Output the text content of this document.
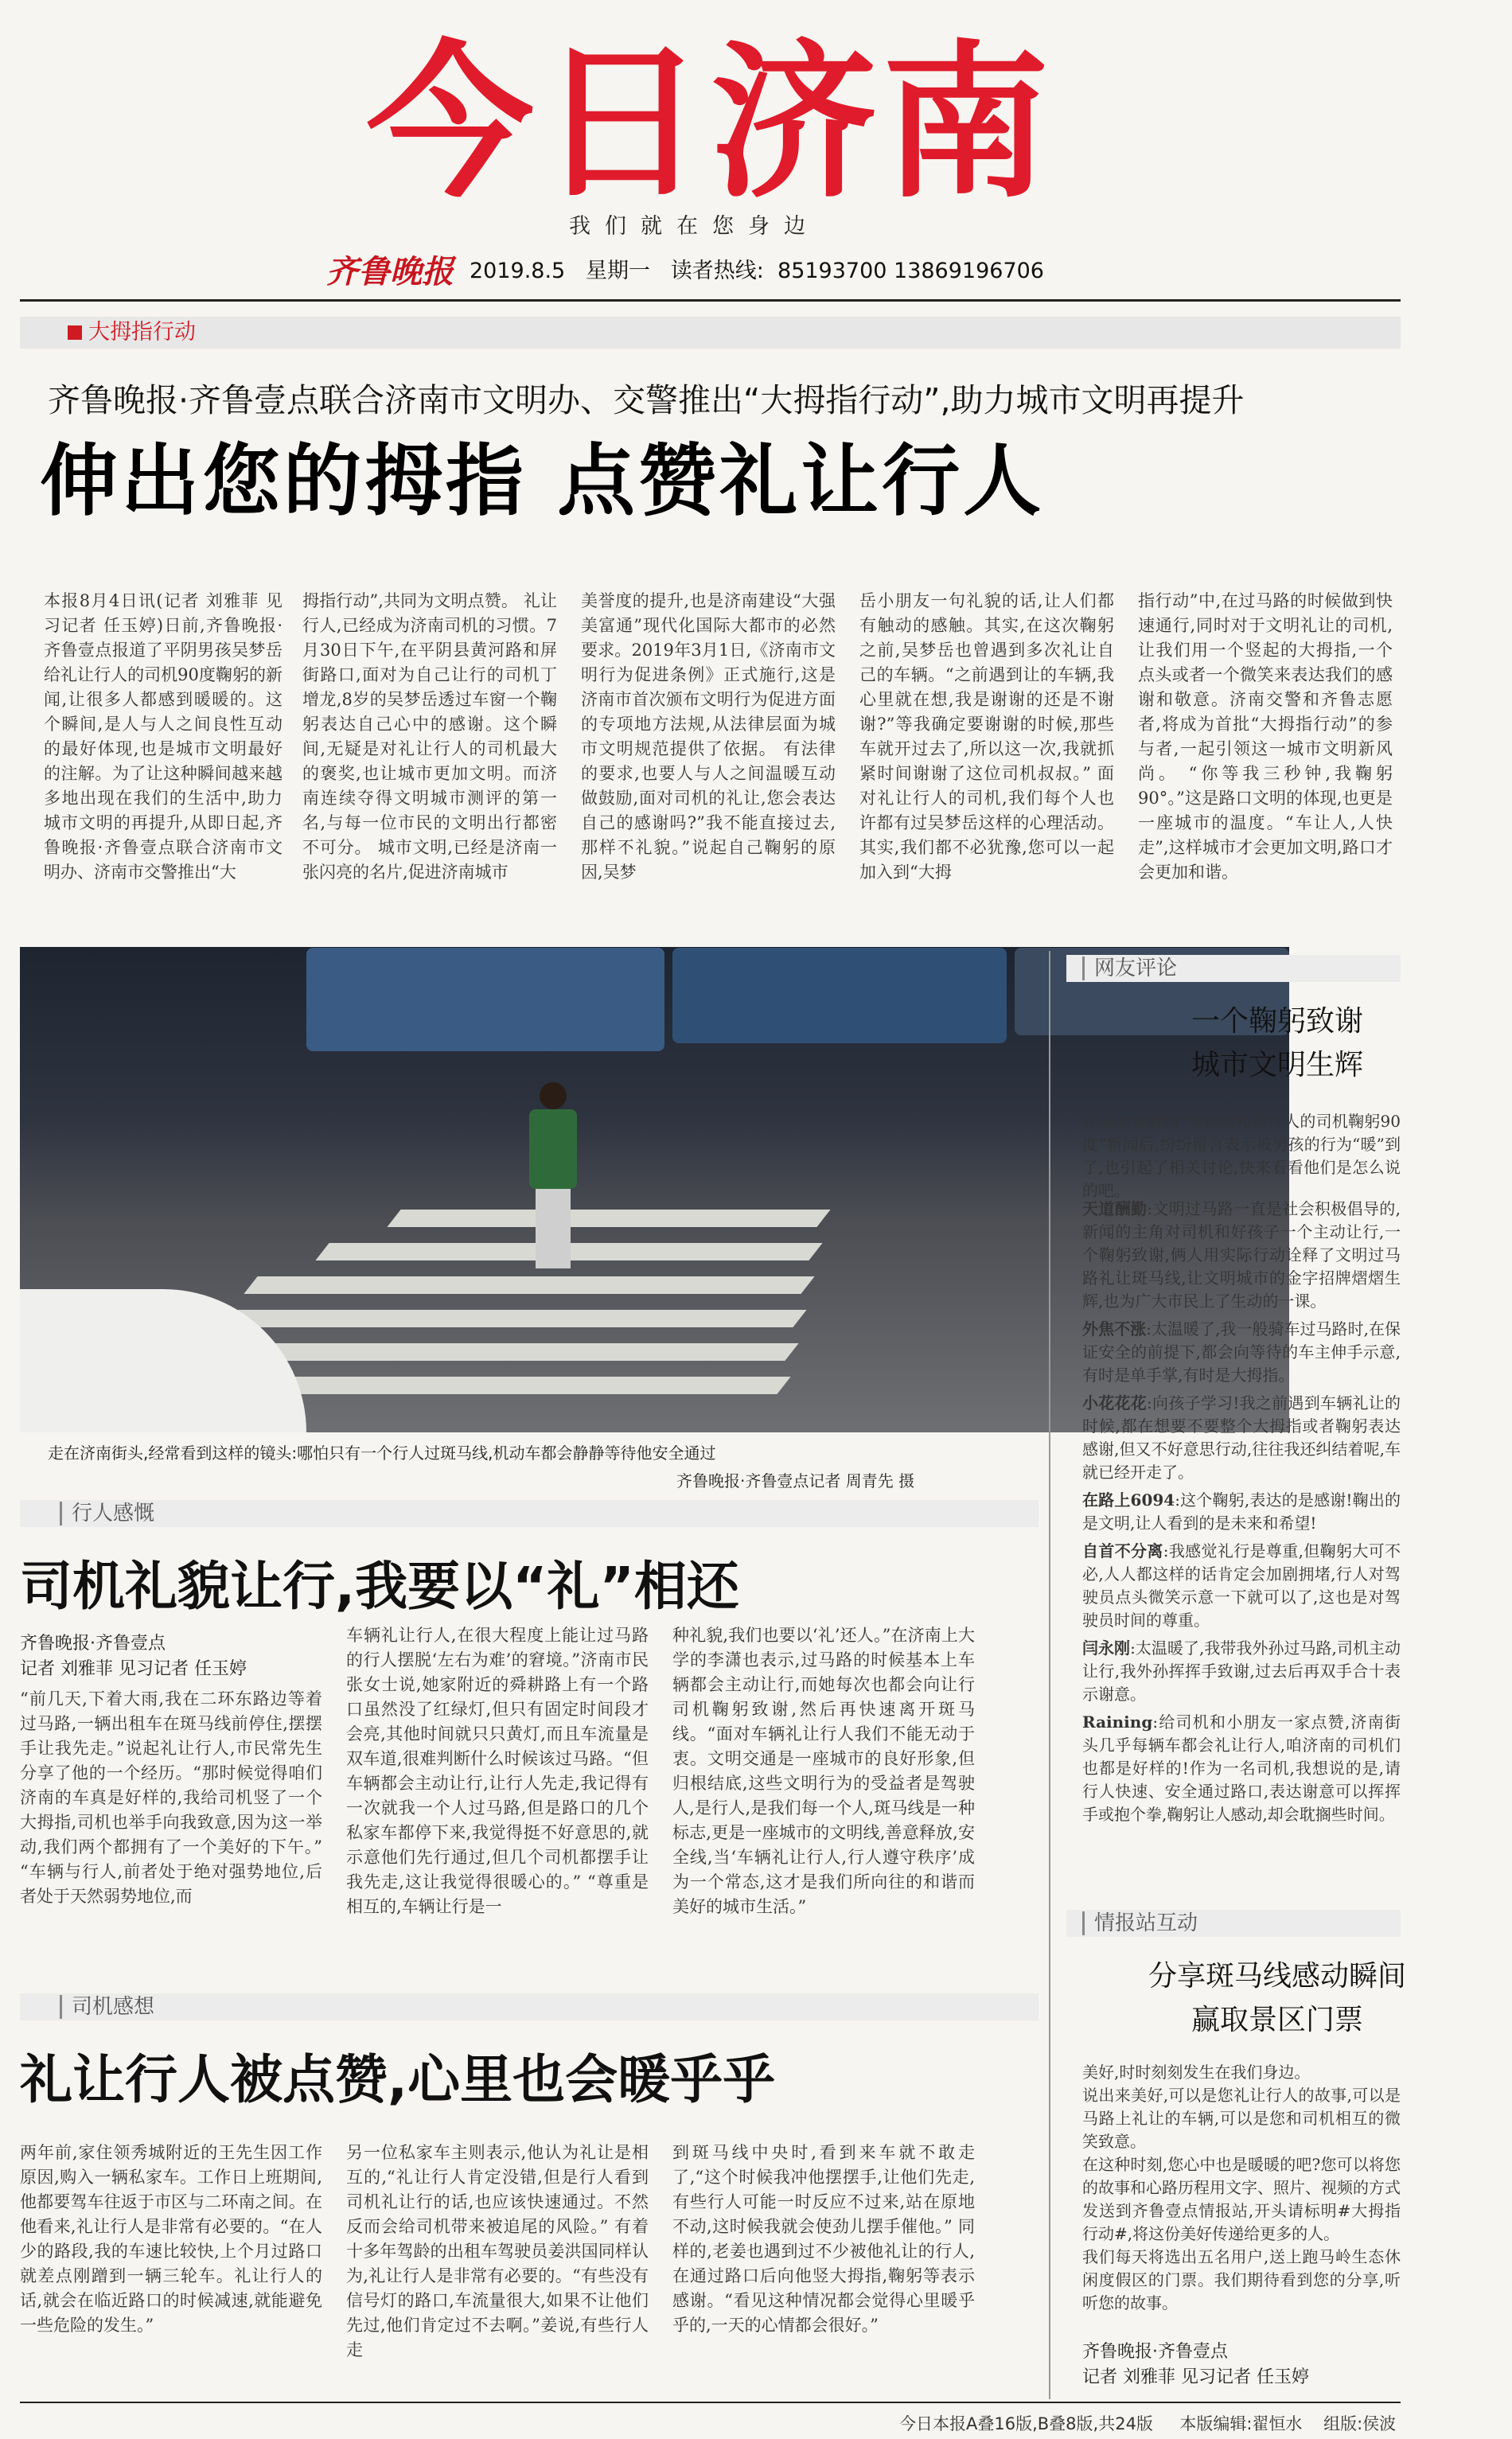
今日济南
我们就在您身边
齐鲁晚报 2019.8.5 星期一 读者热线: 85193700 13869196706
大拇指行动
齐鲁晚报·齐鲁壹点联合济南市文明办、交警推出“大拇指行动”,助力城市文明再提升
伸出您的拇指 点赞礼让行人
本报8月4日讯(记者 刘雅菲 见习记者 任玉婷)日前,齐鲁晚报·齐鲁壹点报道了平阴男孩吴梦岳给礼让行人的司机90度鞠躬的新闻,让很多人都感到暖暖的。这个瞬间,是人与人之间良性互动的最好体现,也是城市文明最好的注解。为了让这种瞬间越来越多地出现在我们的生活中,助力城市文明的再提升,从即日起,齐鲁晚报·齐鲁壹点联合济南市文明办、济南市交警推出“大
拇指行动”,共同为文明点赞。 礼让行人,已经成为济南司机的习惯。7月30日下午,在平阴县黄河路和屏街路口,面对为自己让行的司机丁增龙,8岁的吴梦岳透过车窗一个鞠躬表达自己心中的感谢。这个瞬间,无疑是对礼让行人的司机最大的褒奖,也让城市更加文明。而济南连续夺得文明城市测评的第一名,与每一位市民的文明出行都密不可分。 城市文明,已经是济南一张闪亮的名片,促进济南城市
美誉度的提升,也是济南建设“大强美富通”现代化国际大都市的必然要求。2019年3月1日,《济南市文明行为促进条例》正式施行,这是济南市首次颁布文明行为促进方面的专项地方法规,从法律层面为城市文明规范提供了依据。 有法律的要求,也要人与人之间温暖互动做鼓励,面对司机的礼让,您会表达自己的感谢吗?”我不能直接过去,那样不礼貌。”说起自己鞠躬的原因,吴梦
岳小朋友一句礼貌的话,让人们都有触动的感触。其实,在这次鞠躬之前,吴梦岳也曾遇到多次礼让自己的车辆。“之前遇到让的车辆,我心里就在想,我是谢谢的还是不谢谢?”等我确定要谢谢的时候,那些车就开过去了,所以这一次,我就抓紧时间谢谢了这位司机叔叔。” 面对礼让行人的司机,我们每个人也许都有过吴梦岳这样的心理活动。其实,我们都不必犹豫,您可以一起加入到“大拇
指行动”中,在过马路的时候做到快速通行,同时对于文明礼让的司机,让我们用一个竖起的大拇指,一个点头或者一个微笑来表达我们的感谢和敬意。济南交警和齐鲁志愿者,将成为首批“大拇指行动”的参与者,一起引领这一城市文明新风尚。 “你等我三秒钟,我鞠躬90°。”这是路口文明的体现,也更是一座城市的温度。“车让人,人快走”,这样城市才会更加文明,路口才会更加和谐。
走在济南街头,经常看到这样的镜头:哪怕只有一个行人过斑马线,机动车都会静静等待他安全通过
齐鲁晚报·齐鲁壹点记者 周青先 摄
行人感慨
司机礼貌让行,我要以“礼”相还
齐鲁晚报·齐鲁壹点
记者 刘雅菲 见习记者 任玉婷
“前几天,下着大雨,我在二环东路边等着过马路,一辆出租车在斑马线前停住,摆摆手让我先走。”说起礼让行人,市民常先生分享了他的一个经历。“那时候觉得咱们济南的车真是好样的,我给司机竖了一个大拇指,司机也举手向我致意,因为这一举动,我们两个都拥有了一个美好的下午。” “车辆与行人,前者处于绝对强势地位,后者处于天然弱势地位,而
车辆礼让行人,在很大程度上能让过马路的行人摆脱‘左右为难’的窘境。”济南市民张女士说,她家附近的舜耕路上有一个路口虽然没了红绿灯,但只有固定时间段才会亮,其他时间就只只黄灯,而且车流量是双车道,很难判断什么时候该过马路。“但车辆都会主动让行,让行人先走,我记得有一次就我一个人过马路,但是路口的几个私家车都停下来,我觉得挺不好意思的,就示意他们先行通过,但几个司机都摆手让我先走,这让我觉得很暖心的。” “尊重是相互的,车辆让行是一
种礼貌,我们也要以‘礼’还人。”在济南上大学的李潇也表示,过马路的时候基本上车辆都会主动让行,而她每次也都会向让行司机鞠躬致谢,然后再快速离开斑马线。“面对车辆礼让行人我们不能无动于衷。文明交通是一座城市的良好形象,但归根结底,这些文明行为的受益者是驾驶人,是行人,是我们每一个人,斑马线是一种标志,更是一座城市的文明线,善意释放,安全线,当‘车辆礼让行人,行人遵守秩序’成为一个常态,这才是我们所向往的和谐而美好的城市生活。”
司机感想
礼让行人被点赞,心里也会暖乎乎
两年前,家住领秀城附近的王先生因工作原因,购入一辆私家车。工作日上班期间,他都要驾车往返于市区与二环南之间。在他看来,礼让行人是非常有必要的。“在人少的路段,我的车速比较快,上个月过路口就差点刚蹭到一辆三轮车。礼让行人的话,就会在临近路口的时候减速,就能避免一些危险的发生。”
另一位私家车主则表示,他认为礼让是相互的,“礼让行人肯定没错,但是行人看到司机礼让行的话,也应该快速通过。不然反而会给司机带来被追尾的风险。” 有着十多年驾龄的出租车驾驶员姜洪国同样认为,礼让行人是非常有必要的。“有些没有信号灯的路口,车流量很大,如果不让他们先过,他们肯定过不去啊。”姜说,有些行人走
到斑马线中央时,看到来车就不敢走了,“这个时候我冲他摆摆手,让他们先走,有些行人可能一时反应不过来,站在原地不动,这时候我就会使劲儿摆手催他。” 同样的,老姜也遇到过不少被他礼让的行人,在通过路口后向他竖大拇指,鞠躬等表示感谢。“看见这种情况都会觉得心里暖乎乎的,一天的心情都会很好。”
网友评论
一个鞠躬致谢
城市文明生辉
许多读者看到“男孩给礼让行人的司机鞠躬90度”新闻后,纷纷留言表示被男孩的行为“暖”到了,也引起了相关讨论,快来看看他们是怎么说的吧。
天道酬勤:文明过马路一直是社会积极倡导的,新闻的主角对司机和好孩子一个主动让行,一个鞠躬致谢,俩人用实际行动诠释了文明过马路礼让斑马线,让文明城市的金字招牌熠熠生辉,也为广大市民上了生动的一课。
外焦不涨:太温暖了,我一般骑车过马路时,在保证安全的前提下,都会向等待的车主伸手示意,有时是单手掌,有时是大拇指。
小花花花:向孩子学习!我之前遇到车辆礼让的时候,都在想要不要整个大拇指或者鞠躬表达感谢,但又不好意思行动,往往我还纠结着呢,车就已经开走了。
在路上6094:这个鞠躬,表达的是感谢!鞠出的是文明,让人看到的是未来和希望!
自首不分离:我感觉礼行是尊重,但鞠躬大可不必,人人都这样的话肯定会加剧拥堵,行人对驾驶员点头微笑示意一下就可以了,这也是对驾驶员时间的尊重。
闫永刚:太温暖了,我带我外孙过马路,司机主动让行,我外孙挥挥手致谢,过去后再双手合十表示谢意。
Raining:给司机和小朋友一家点赞,济南街头几乎每辆车都会礼让行人,咱济南的司机们也都是好样的!作为一名司机,我想说的是,请行人快速、安全通过路口,表达谢意可以挥挥手或抱个拳,鞠躬让人感动,却会耽搁些时间。
情报站互动
分享斑马线感动瞬间
赢取景区门票
美好,时时刻刻发生在我们身边。
说出来美好,可以是您礼让行人的故事,可以是马路上礼让的车辆,可以是您和司机相互的微笑致意。
在这种时刻,您心中也是暖暖的吧?您可以将您的故事和心路历程用文字、照片、视频的方式发送到齐鲁壹点情报站,开头请标明#大拇指行动#,将这份美好传递给更多的人。
我们每天将选出五名用户,送上跑马岭生态休闲度假区的门票。我们期待看到您的分享,听听您的故事。
齐鲁晚报·齐鲁壹点
记者 刘雅菲 见习记者 任玉婷
今日本报A叠16版,B叠8版,共24版 本版编辑:翟恒水 组版:侯波
